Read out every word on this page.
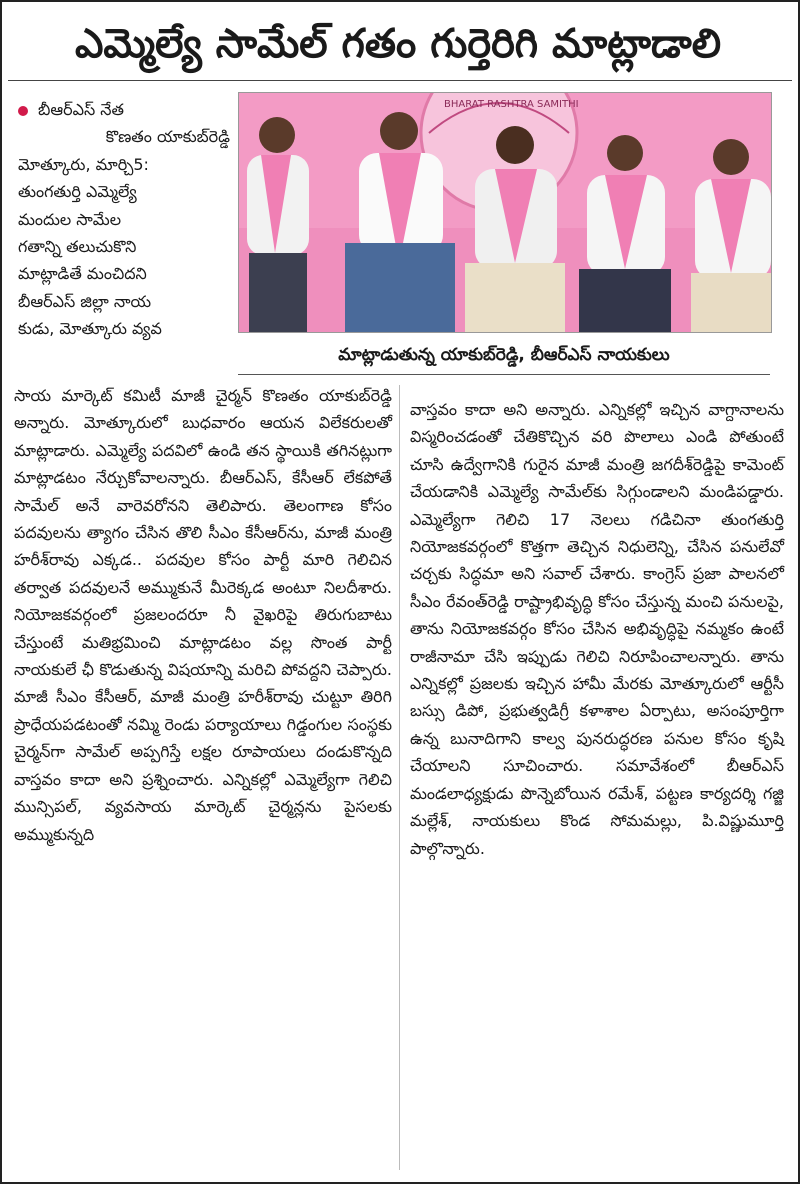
ఎమ్మెల్యే సామేల్ గతం గుర్తెరిగి మాట్లాడాలి
బీఆర్ఎస్ నేత
కొణతం యాకుబ్‌రెడ్డి
మోత్కూరు, మార్చి5:
తుంగతుర్తి ఎమ్మెల్యే
మందుల సామేల
గతాన్ని తలుచుకొని
మాట్లాడితే మంచిదని
బీఆర్ఎస్ జిల్లా నాయ
కుడు, మోత్కూరు వ్యవ
BHARAT RASHTRA SAMITHI
మాట్లాడుతున్న యాకుబ్‌రెడ్డి, బీఆర్ఎస్ నాయకులు

సాయ మార్కెట్ కమిటీ మాజీ చైర్మన్ కొణతం యాకుబ్‌రెడ్డి అన్నారు. మోత్కూరులో బుధవారం ఆయన విలేకరులతో మాట్లాడారు. ఎమ్మెల్యే పదవిలో ఉండి తన స్థాయికి తగినట్లుగా మాట్లాడటం నేర్చుకోవాలన్నారు. బీఆర్ఎస్, కేసీఆర్ లేకపోతే సామేల్ అనే వారెవరోనని తెలిపారు. తెలంగాణ కోసం పదవులను త్యాగం చేసిన తొలి సీఎం కేసీఆర్‌ను, మాజీ మంత్రి హరీశ్‌రావు ఎక్కడ.. పదవుల కోసం పార్టీ మారి గెలిచిన తర్వాత పదవులనే అమ్ముకునే మీరెక్కడ అంటూ నిలదీశారు. నియోజకవర్గంలో ప్రజలందరూ నీ వైఖరిపై తిరుగుబాటు చేస్తుంటే మతిభ్రమించి మాట్లాడటం వల్ల సొంత పార్టీ నాయకులే ఛీ కొడుతున్న విషయాన్ని మరిచి పోవద్దని చెప్పారు. మాజీ సీఎం కేసీఆర్, మాజీ మంత్రి హరీశ్‌రావు చుట్టూ తిరిగి ప్రాధేయపడటంతో నమ్మి రెండు పర్యాయాలు గిడ్డంగుల సంస్థకు చైర్మన్‌గా సామేల్ అప్పగిస్తే లక్షల రూపాయలు దండుకొన్నది వాస్తవం కాదా అని ప్రశ్నించారు. ఎన్నికల్లో ఎమ్మెల్యేగా గెలిచి మున్సిపల్, వ్యవసాయ మార్కెట్ చైర్మన్లను పైసలకు అమ్ముకున్నది

వాస్తవం కాదా అని అన్నారు. ఎన్నికల్లో ఇచ్చిన వాగ్దానాలను విస్మరించడంతో చేతికొచ్చిన వరి పొలాలు ఎండి పోతుంటే చూసి ఉద్వేగానికి గురైన మాజీ మంత్రి జగదీశ్‌రెడ్డిపై కామెంట్ చేయడానికి ఎమ్మెల్యే సామేల్‌కు సిగ్గుండాలని మండిపడ్డారు. ఎమ్మెల్యేగా గెలిచి 17 నెలలు గడిచినా తుంగతుర్తి నియోజకవర్గంలో కొత్తగా తెచ్చిన నిధులెన్ని, చేసిన పనులేవో చర్చకు సిద్ధమా అని సవాల్ చేశారు. కాంగ్రెస్ ప్రజా పాలనలో సీఎం రేవంత్‌రెడ్డి రాష్ట్రాభివృద్ధి కోసం చేస్తున్న మంచి పనులపై, తాను నియోజకవర్గం కోసం చేసిన అభివృద్ధిపై నమ్మకం ఉంటే రాజీనామా చేసి ఇప్పుడు గెలిచి నిరూపించాలన్నారు. తాను ఎన్నికల్లో ప్రజలకు ఇచ్చిన హామీ మేరకు మోత్కూరులో ఆర్టీసీ బస్సు డిపో, ప్రభుత్వడిగ్రీ కళాశాల ఏర్పాటు, అసంపూర్తిగా ఉన్న బునాదిగాని కాల్వ పునరుద్ధరణ పనుల కోసం కృషి చేయాలని సూచించారు. సమావేశంలో బీఆర్ఎస్ మండలాధ్యక్షుడు పొన్నెబోయిన రమేశ్, పట్టణ కార్యదర్శి గజ్జి మల్లేశ్, నాయకులు కొండ సోమమల్లు, పి.విష్ణుమూర్తి పాల్గొన్నారు.
